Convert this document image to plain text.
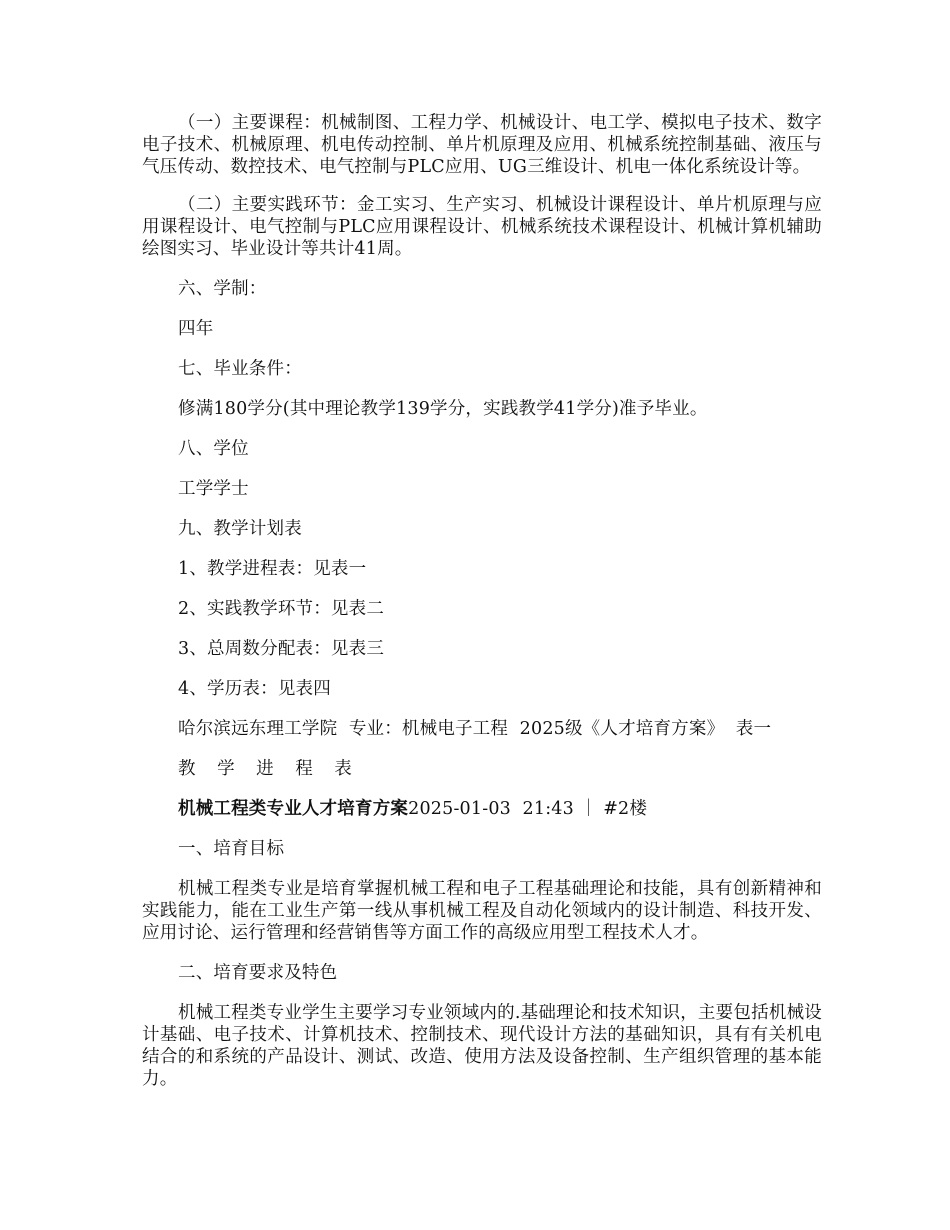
（一）主要课程：机械制图、工程力学、机械设计、电工学、模拟电子技术、数字电子技术、机械原理、机电传动控制、单片机原理及应用、机械系统控制基础、液压与气压传动、数控技术、电气控制与PLC应用、UG三维设计、机电一体化系统设计等。

（二）主要实践环节：金工实习、生产实习、机械设计课程设计、单片机原理与应用课程设计、电气控制与PLC应用课程设计、机械系统技术课程设计、机械计算机辅助绘图实习、毕业设计等共计41周。

六、学制：

四年

七、毕业条件：

修满180学分(其中理论教学139学分，实践教学41学分)准予毕业。

八、学位

工学学士

九、教学计划表

1、教学进程表：见表一

2、实践教学环节：见表二

3、总周数分配表：见表三

4、学历表：见表四

哈尔滨远东理工学院  专业：机械电子工程  2025级《人才培育方案》  表一

教 学 进 程 表

机械工程类专业人才培育方案2025-01-03  21:43 ｜ #2楼

一、培育目标

机械工程类专业是培育掌握机械工程和电子工程基础理论和技能，具有创新精神和实践能力，能在工业生产第一线从事机械工程及自动化领域内的设计制造、科技开发、应用讨论、运行管理和经营销售等方面工作的高级应用型工程技术人才。

二、培育要求及特色

机械工程类专业学生主要学习专业领域内的.基础理论和技术知识，主要包括机械设计基础、电子技术、计算机技术、控制技术、现代设计方法的基础知识，具有有关机电结合的和系统的产品设计、测试、改造、使用方法及设备控制、生产组织管理的基本能力。
